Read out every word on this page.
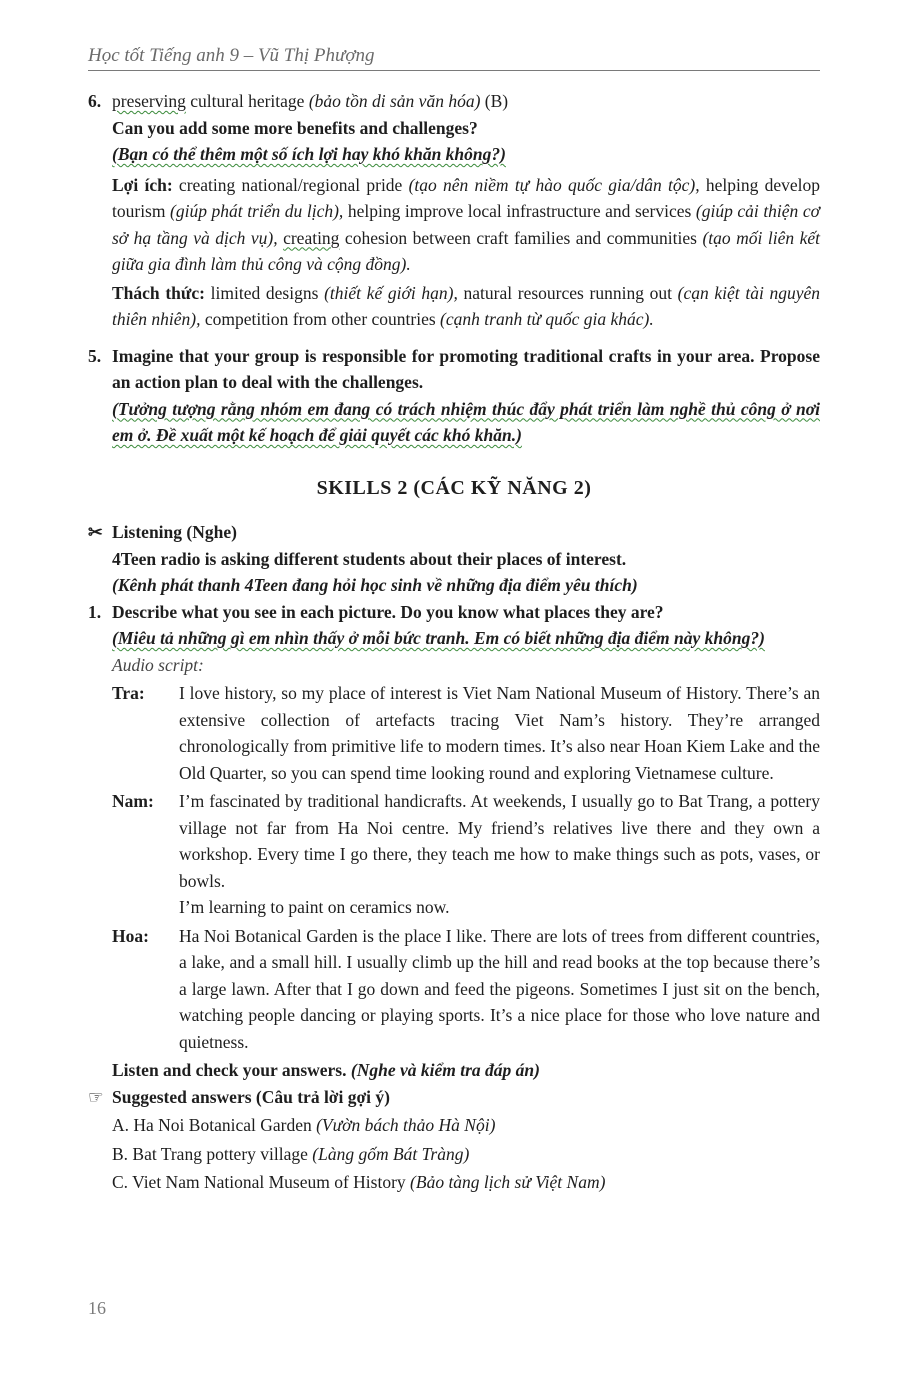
Học tốt Tiếng anh 9 – Vũ Thị Phượng
6. preserving cultural heritage (bảo tồn di sản văn hóa) (B)
Can you add some more benefits and challenges?
(Bạn có thể thêm một số ích lợi hay khó khăn không?)
Lợi ích: creating national/regional pride (tạo nên niềm tự hào quốc gia/dân tộc), helping develop tourism (giúp phát triển du lịch), helping improve local infrastructure and services (giúp cải thiện cơ sở hạ tầng và dịch vụ), creating cohesion between craft families and communities (tạo mối liên kết giữa gia đình làm thủ công và cộng đồng).
Thách thức: limited designs (thiết kế giới hạn), natural resources running out (cạn kiệt tài nguyên thiên nhiên), competition from other countries (cạnh tranh từ quốc gia khác).
5. Imagine that your group is responsible for promoting traditional crafts in your area. Propose an action plan to deal with the challenges.
(Tưởng tượng rằng nhóm em đang có trách nhiệm thúc đẩy phát triển làm nghề thủ công ở nơi em ở. Đề xuất một kế hoạch để giải quyết các khó khăn.)
SKILLS 2 (CÁC KỸ NĂNG 2)
✂ Listening (Nghe)
4Teen radio is asking different students about their places of interest.
(Kênh phát thanh 4Teen đang hỏi học sinh về những địa điểm yêu thích)
1. Describe what you see in each picture. Do you know what places they are?
(Miêu tả những gì em nhìn thấy ở mỗi bức tranh. Em có biết những địa điểm này không?)
Audio script:
Tra:	I love history, so my place of interest is Viet Nam National Museum of History. There’s an extensive collection of artefacts tracing Viet Nam’s history. They’re arranged chronologically from primitive life to modern times. It’s also near Hoan Kiem Lake and the Old Quarter, so you can spend time looking round and exploring Vietnamese culture.
Nam:	I’m fascinated by traditional handicrafts. At weekends, I usually go to Bat Trang, a pottery village not far from Ha Noi centre. My friend’s relatives live there and they own a workshop. Every time I go there, they teach me how to make things such as pots, vases, or bowls.
I’m learning to paint on ceramics now.
Hoa:	Ha Noi Botanical Garden is the place I like. There are lots of trees from different countries, a lake, and a small hill. I usually climb up the hill and read books at the top because there’s a large lawn. After that I go down and feed the pigeons. Sometimes I just sit on the bench, watching people dancing or playing sports. It’s a nice place for those who love nature and quietness.
Listen and check your answers. (Nghe và kiểm tra đáp án)
☞ Suggested answers (Câu trả lời gợi ý)
A. Ha Noi Botanical Garden (Vườn bách thảo Hà Nội)
B. Bat Trang pottery village (Làng gốm Bát Tràng)
C. Viet Nam National Museum of History (Bảo tàng lịch sử Việt Nam)
16
